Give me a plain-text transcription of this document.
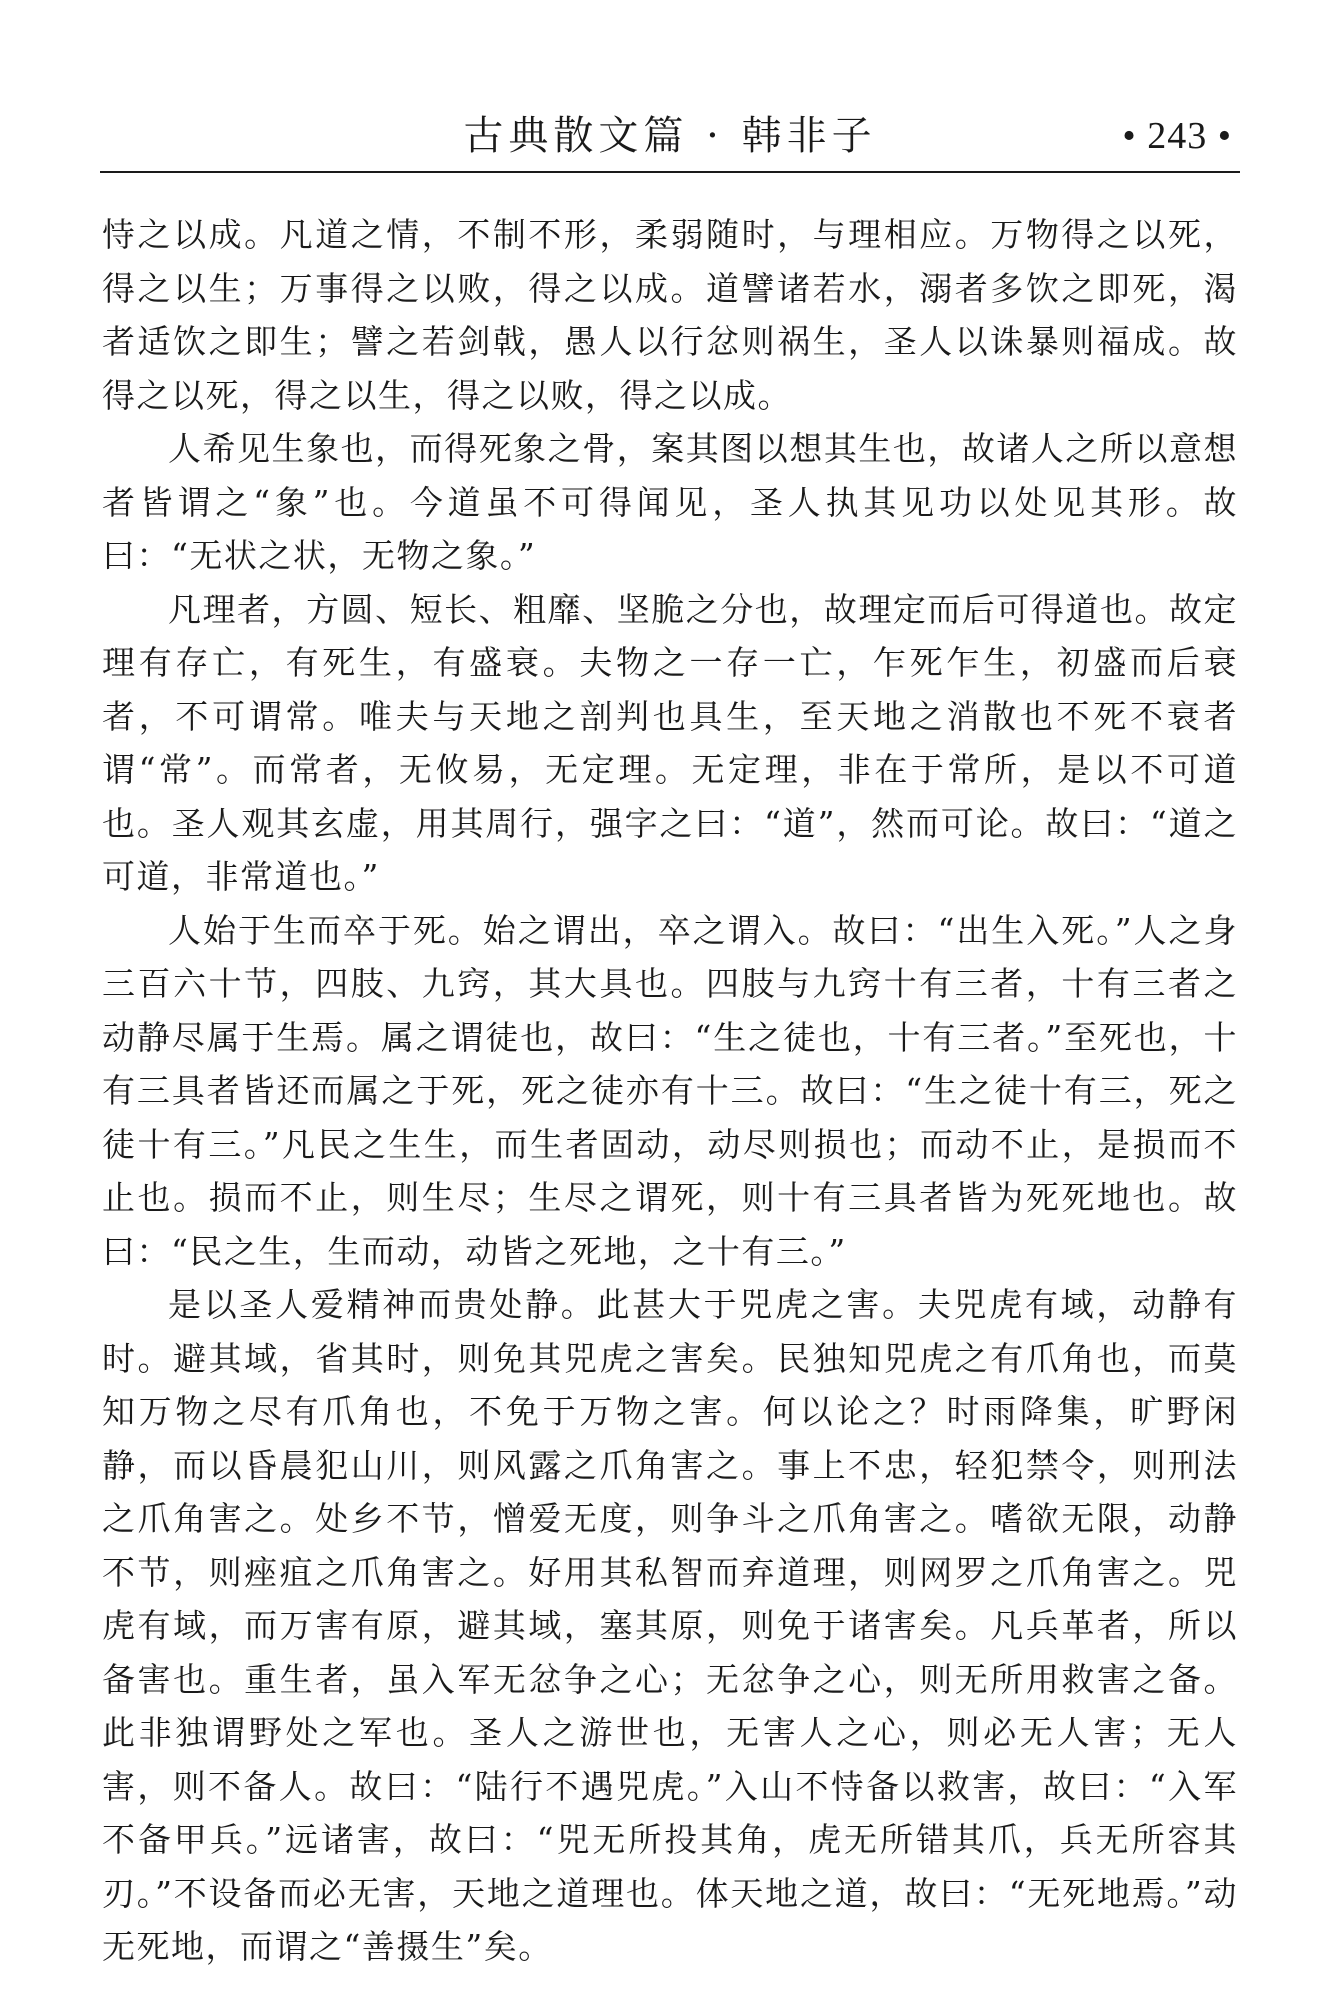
古典散文篇 · 韩非子	• 243 •

恃之以成。凡道之情，不制不形，柔弱随时，与理相应。万物得之以死，得之以生；万事得之以败，得之以成。道譬诸若水，溺者多饮之即死，渴者适饮之即生；譬之若剑戟，愚人以行忿则祸生，圣人以诛暴则福成。故得之以死，得之以生，得之以败，得之以成。

人希见生象也，而得死象之骨，案其图以想其生也，故诸人之所以意想者皆谓之“象”也。今道虽不可得闻见，圣人执其见功以处见其形。故曰：“无状之状，无物之象。”

凡理者，方圆、短长、粗靡、坚脆之分也，故理定而后可得道也。故定理有存亡，有死生，有盛衰。夫物之一存一亡，乍死乍生，初盛而后衰者，不可谓常。唯夫与天地之剖判也具生，至天地之消散也不死不衰者谓“常”。而常者，无攸易，无定理。无定理，非在于常所，是以不可道也。圣人观其玄虚，用其周行，强字之曰：“道”，然而可论。故曰：“道之可道，非常道也。”

人始于生而卒于死。始之谓出，卒之谓入。故曰：“出生入死。”人之身三百六十节，四肢、九窍，其大具也。四肢与九窍十有三者，十有三者之动静尽属于生焉。属之谓徒也，故曰：“生之徒也，十有三者。”至死也，十有三具者皆还而属之于死，死之徒亦有十三。故曰：“生之徒十有三，死之徒十有三。”凡民之生生，而生者固动，动尽则损也；而动不止，是损而不止也。损而不止，则生尽；生尽之谓死，则十有三具者皆为死死地也。故曰：“民之生，生而动，动皆之死地，之十有三。”

是以圣人爱精神而贵处静。此甚大于兕虎之害。夫兕虎有域，动静有时。避其域，省其时，则免其兕虎之害矣。民独知兕虎之有爪角也，而莫知万物之尽有爪角也，不免于万物之害。何以论之？时雨降集，旷野闲静，而以昏晨犯山川，则风露之爪角害之。事上不忠，轻犯禁令，则刑法之爪角害之。处乡不节，憎爱无度，则争斗之爪角害之。嗜欲无限，动静不节，则痤疽之爪角害之。好用其私智而弃道理，则网罗之爪角害之。兕虎有域，而万害有原，避其域，塞其原，则免于诸害矣。凡兵革者，所以备害也。重生者，虽入军无忿争之心；无忿争之心，则无所用救害之备。此非独谓野处之军也。圣人之游世也，无害人之心，则必无人害；无人害，则不备人。故曰：“陆行不遇兕虎。”入山不恃备以救害，故曰：“入军不备甲兵。”远诸害，故曰：“兕无所投其角，虎无所错其爪，兵无所容其刃。”不设备而必无害，天地之道理也。体天地之道，故曰：“无死地焉。”动无死地，而谓之“善摄生”矣。
